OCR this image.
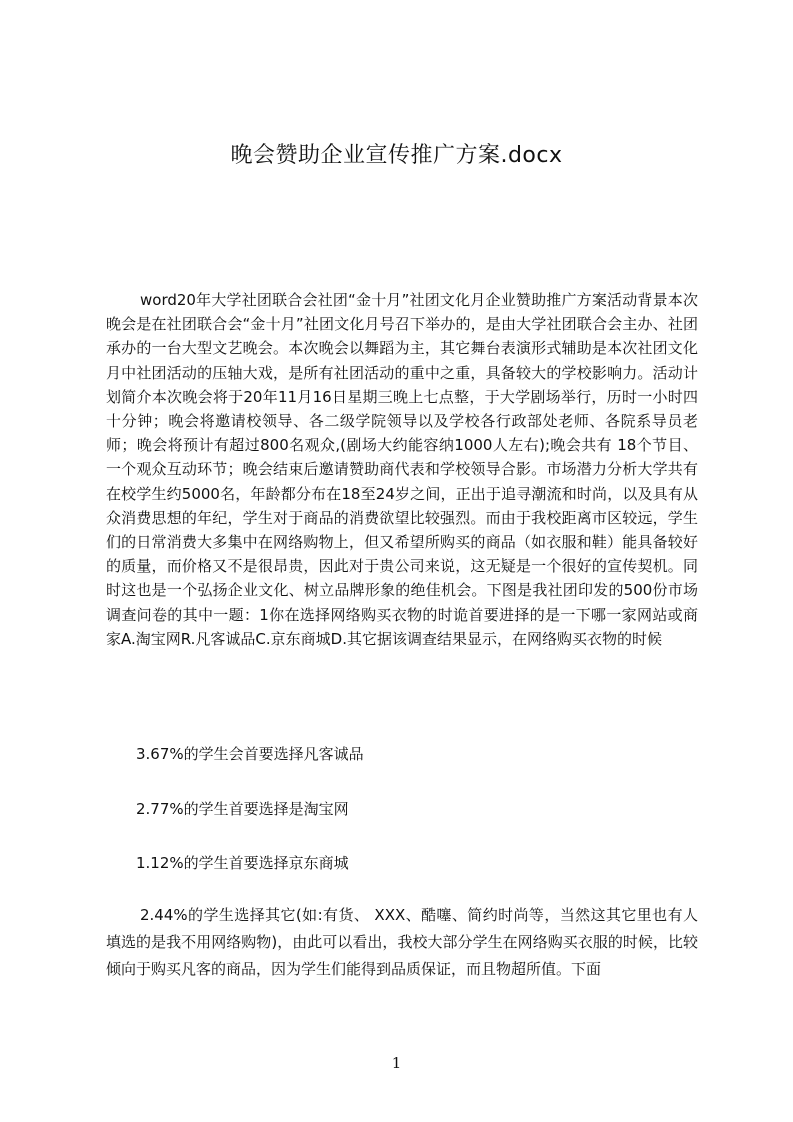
晚会赞助企业宣传推广方案.docx
word20年大学社团联合会社团“金十月”社团文化月企业赞助推广方案活动背景本次晚会是在社团联合会“金十月”社团文化月号召下举办的，是由大学社团联合会主办、社团承办的一台大型文艺晚会。本次晚会以舞蹈为主，其它舞台表演形式辅助是本次社团文化月中社团活动的压轴大戏，是所有社团活动的重中之重，具备较大的学校影响力。活动计划简介本次晚会将于20年11月16日星期三晚上七点整，于大学剧场举行，历时一小时四十分钟；晚会将邀请校领导、各二级学院领导以及学校各行政部处老师、各院系导员老师；晚会将预计有超过800名观众,(剧场大约能容纳1000人左右);晚会共有 18个节目、一个观众互动环节；晚会结束后邀请赞助商代表和学校领导合影。市场潜力分析大学共有在校学生约5000名，年龄都分布在18至24岁之间，正出于追寻潮流和时尚，以及具有从众消费思想的年纪，学生对于商品的消费欲望比较强烈。而由于我校距离市区较远，学生们的日常消费大多集中在网络购物上，但又希望所购买的商品（如衣服和鞋）能具备较好的质量，而价格又不是很昂贵，因此对于贵公司来说，这无疑是一个很好的宣传契机。同时这也是一个弘扬企业文化、树立品牌形象的绝佳机会。下图是我社团印发的500份市场调查问卷的其中一题：1你在选择网络购买衣物的时诡首要进择的是一下哪一家网站或商家A.淘宝网R.凡客诚品C.京东商城D.其它据该调查结果显示，在网络购买衣物的时候
3.67%的学生会首要选择凡客诚品
2.77%的学生首要选择是淘宝网
1.12%的学生首要选择京东商城
2.44%的学生选择其它(如:有货、 XXX、酷噻、简约时尚等，当然这其它里也有人填选的是我不用网络购物)，由此可以看出，我校大部分学生在网络购买衣服的时候，比较倾向于购买凡客的商品，因为学生们能得到品质保证，而且物超所值。下面
1
